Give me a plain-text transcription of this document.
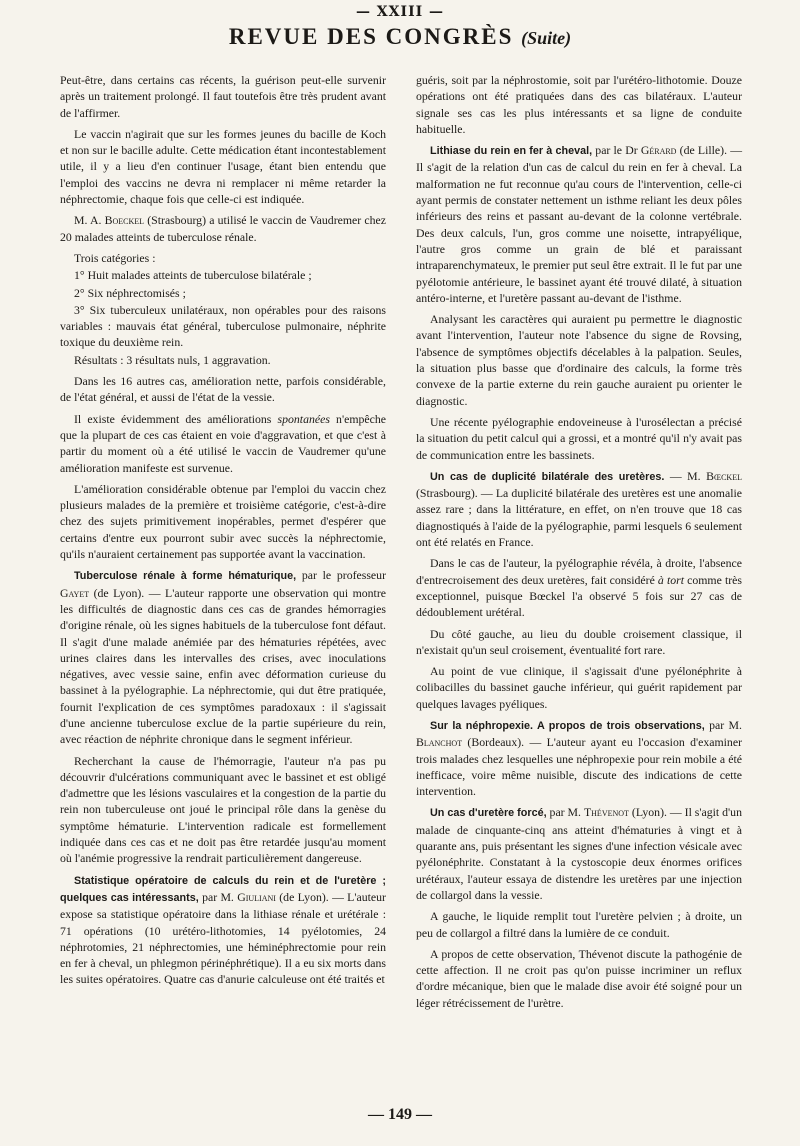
— XXIII —
REVUE DES CONGRÈS (Suite)

Peut-être, dans certains cas récents, la guérison peut-elle survenir après un traitement prolongé. Il faut toutefois être très prudent avant de l'affirmer.

Le vaccin n'agirait que sur les formes jeunes du bacille de Koch et non sur le bacille adulte. Cette médication étant incontestablement utile, il y a lieu d'en continuer l'usage, étant bien entendu que l'emploi des vaccins ne devra ni remplacer ni même retarder la néphrectomie, chaque fois que celle-ci est indiquée.

M. A. Boeckel (Strasbourg) a utilisé le vaccin de Vaudremer chez 20 malades atteints de tuberculose rénale.

Trois catégories :

1° Huit malades atteints de tuberculose bilatérale ;

2° Six néphrectomisés ;

3° Six tuberculeux unilatéraux, non opérables pour des raisons variables : mauvais état général, tuberculose pulmonaire, néphrite toxique du deuxième rein.

Résultats : 3 résultats nuls, 1 aggravation.

Dans les 16 autres cas, amélioration nette, parfois considérable, de l'état général, et aussi de l'état de la vessie.

Il existe évidemment des améliorations spontanées n'empêche que la plupart de ces cas étaient en voie d'aggravation, et que c'est à partir du moment où a été utilisé le vaccin de Vaudremer qu'une amélioration manifeste est survenue.

L'amélioration considérable obtenue par l'emploi du vaccin chez plusieurs malades de la première et troisième catégorie, c'est-à-dire chez des sujets primitivement inopérables, permet d'espérer que certains d'entre eux pourront subir avec succès la néphrectomie, qu'ils n'auraient certainement pas supportée avant la vaccination.

Tuberculose rénale à forme hématurique, par le professeur Gayet (de Lyon). — L'auteur rapporte une observation qui montre les difficultés de diagnostic dans ces cas de grandes hémorragies d'origine rénale, où les signes habituels de la tuberculose font défaut. Il s'agit d'une malade anémiée par des hématuries répétées, avec urines claires dans les intervalles des crises, avec inoculations négatives, avec vessie saine, enfin avec déformation curieuse du bassinet à la pyélographie. La néphrectomie, qui dut être pratiquée, fournit l'explication de ces symptômes paradoxaux : il s'agissait d'une ancienne tuberculose exclue de la partie supérieure du rein, avec réaction de néphrite chronique dans le segment inférieur.

Recherchant la cause de l'hémorragie, l'auteur n'a pas pu découvrir d'ulcérations communiquant avec le bassinet et est obligé d'admettre que les lésions vasculaires et la congestion de la partie du rein non tuberculeuse ont joué le principal rôle dans la genèse du symptôme hématurie. L'intervention radicale est formellement indiquée dans ces cas et ne doit pas être retardée jusqu'au moment où l'anémie progressive la rendrait particulièrement dangereuse.

Statistique opératoire de calculs du rein et de l'uretère ; quelques cas intéressants, par M. Giuliani (de Lyon). — L'auteur expose sa statistique opératoire dans la lithiase rénale et urétérale : 71 opérations (10 urétéro-lithotomies, 14 pyélotomies, 24 néphrotomies, 21 néphrectomies, une héminéphrectomie pour rein en fer à cheval, un phlegmon périnéphrétique). Il a eu six morts dans les suites opératoires. Quatre cas d'anurie calculeuse ont été traités et

guéris, soit par la néphrostomie, soit par l'urétéro-lithotomie. Douze opérations ont été pratiquées dans des cas bilatéraux. L'auteur signale ses cas les plus intéressants et sa ligne de conduite habituelle.

Lithiase du rein en fer à cheval, par le Dr Gérard (de Lille). — Il s'agit de la relation d'un cas de calcul du rein en fer à cheval. La malformation ne fut reconnue qu'au cours de l'intervention, celle-ci ayant permis de constater nettement un isthme reliant les deux pôles inférieurs des reins et passant au-devant de la colonne vertébrale. Des deux calculs, l'un, gros comme une noisette, intrapyélique, l'autre gros comme un grain de blé et paraissant intraparenchymateux, le premier put seul être extrait. Il le fut par une pyélotomie antérieure, le bassinet ayant été trouvé dilaté, à situation antéro-interne, et l'uretère passant au-devant de l'isthme.

Analysant les caractères qui auraient pu permettre le diagnostic avant l'intervention, l'auteur note l'absence du signe de Rovsing, l'absence de symptômes objectifs décelables à la palpation. Seules, la situation plus basse que d'ordinaire des calculs, la forme très convexe de la partie externe du rein gauche auraient pu orienter le diagnostic.

Une récente pyélographie endoveineuse à l'urosélectan a précisé la situation du petit calcul qui a grossi, et a montré qu'il n'y avait pas de communication entre les bassinets.

Un cas de duplicité bilatérale des uretères. — M. Bœckel (Strasbourg). — La duplicité bilatérale des uretères est une anomalie assez rare ; dans la littérature, en effet, on n'en trouve que 18 cas diagnostiqués à l'aide de la pyélographie, parmi lesquels 6 seulement ont été relatés en France.

Dans le cas de l'auteur, la pyélographie révéla, à droite, l'absence d'entrecroisement des deux uretères, fait considéré à tort comme très exceptionnel, puisque Bœckel l'a observé 5 fois sur 27 cas de dédoublement urétéral.

Du côté gauche, au lieu du double croisement classique, il n'existait qu'un seul croisement, éventualité fort rare.

Au point de vue clinique, il s'agissait d'une pyélonéphrite à colibacilles du bassinet gauche inférieur, qui guérit rapidement par quelques lavages pyéliques.

Sur la néphropexie. A propos de trois observations, par M. Blanchot (Bordeaux). — L'auteur ayant eu l'occasion d'examiner trois malades chez lesquelles une néphropexie pour rein mobile a été inefficace, voire même nuisible, discute des indications de cette intervention.

Un cas d'uretère forcé, par M. Thévenot (Lyon). — Il s'agit d'un malade de cinquante-cinq ans atteint d'hématuries à vingt et à quarante ans, puis présentant les signes d'une infection vésicale avec pyélonéphrite. Constatant à la cystoscopie deux énormes orifices urétéraux, l'auteur essaya de distendre les uretères par une injection de collargol dans la vessie.

A gauche, le liquide remplit tout l'uretère pelvien ; à droite, un peu de collargol a filtré dans la lumière de ce conduit.

A propos de cette observation, Thévenot discute la pathogénie de cette affection. Il ne croit pas qu'on puisse incriminer un reflux d'ordre mécanique, bien que le malade dise avoir été soigné pour un léger rétrécissement de l'urètre.

— 149 —
